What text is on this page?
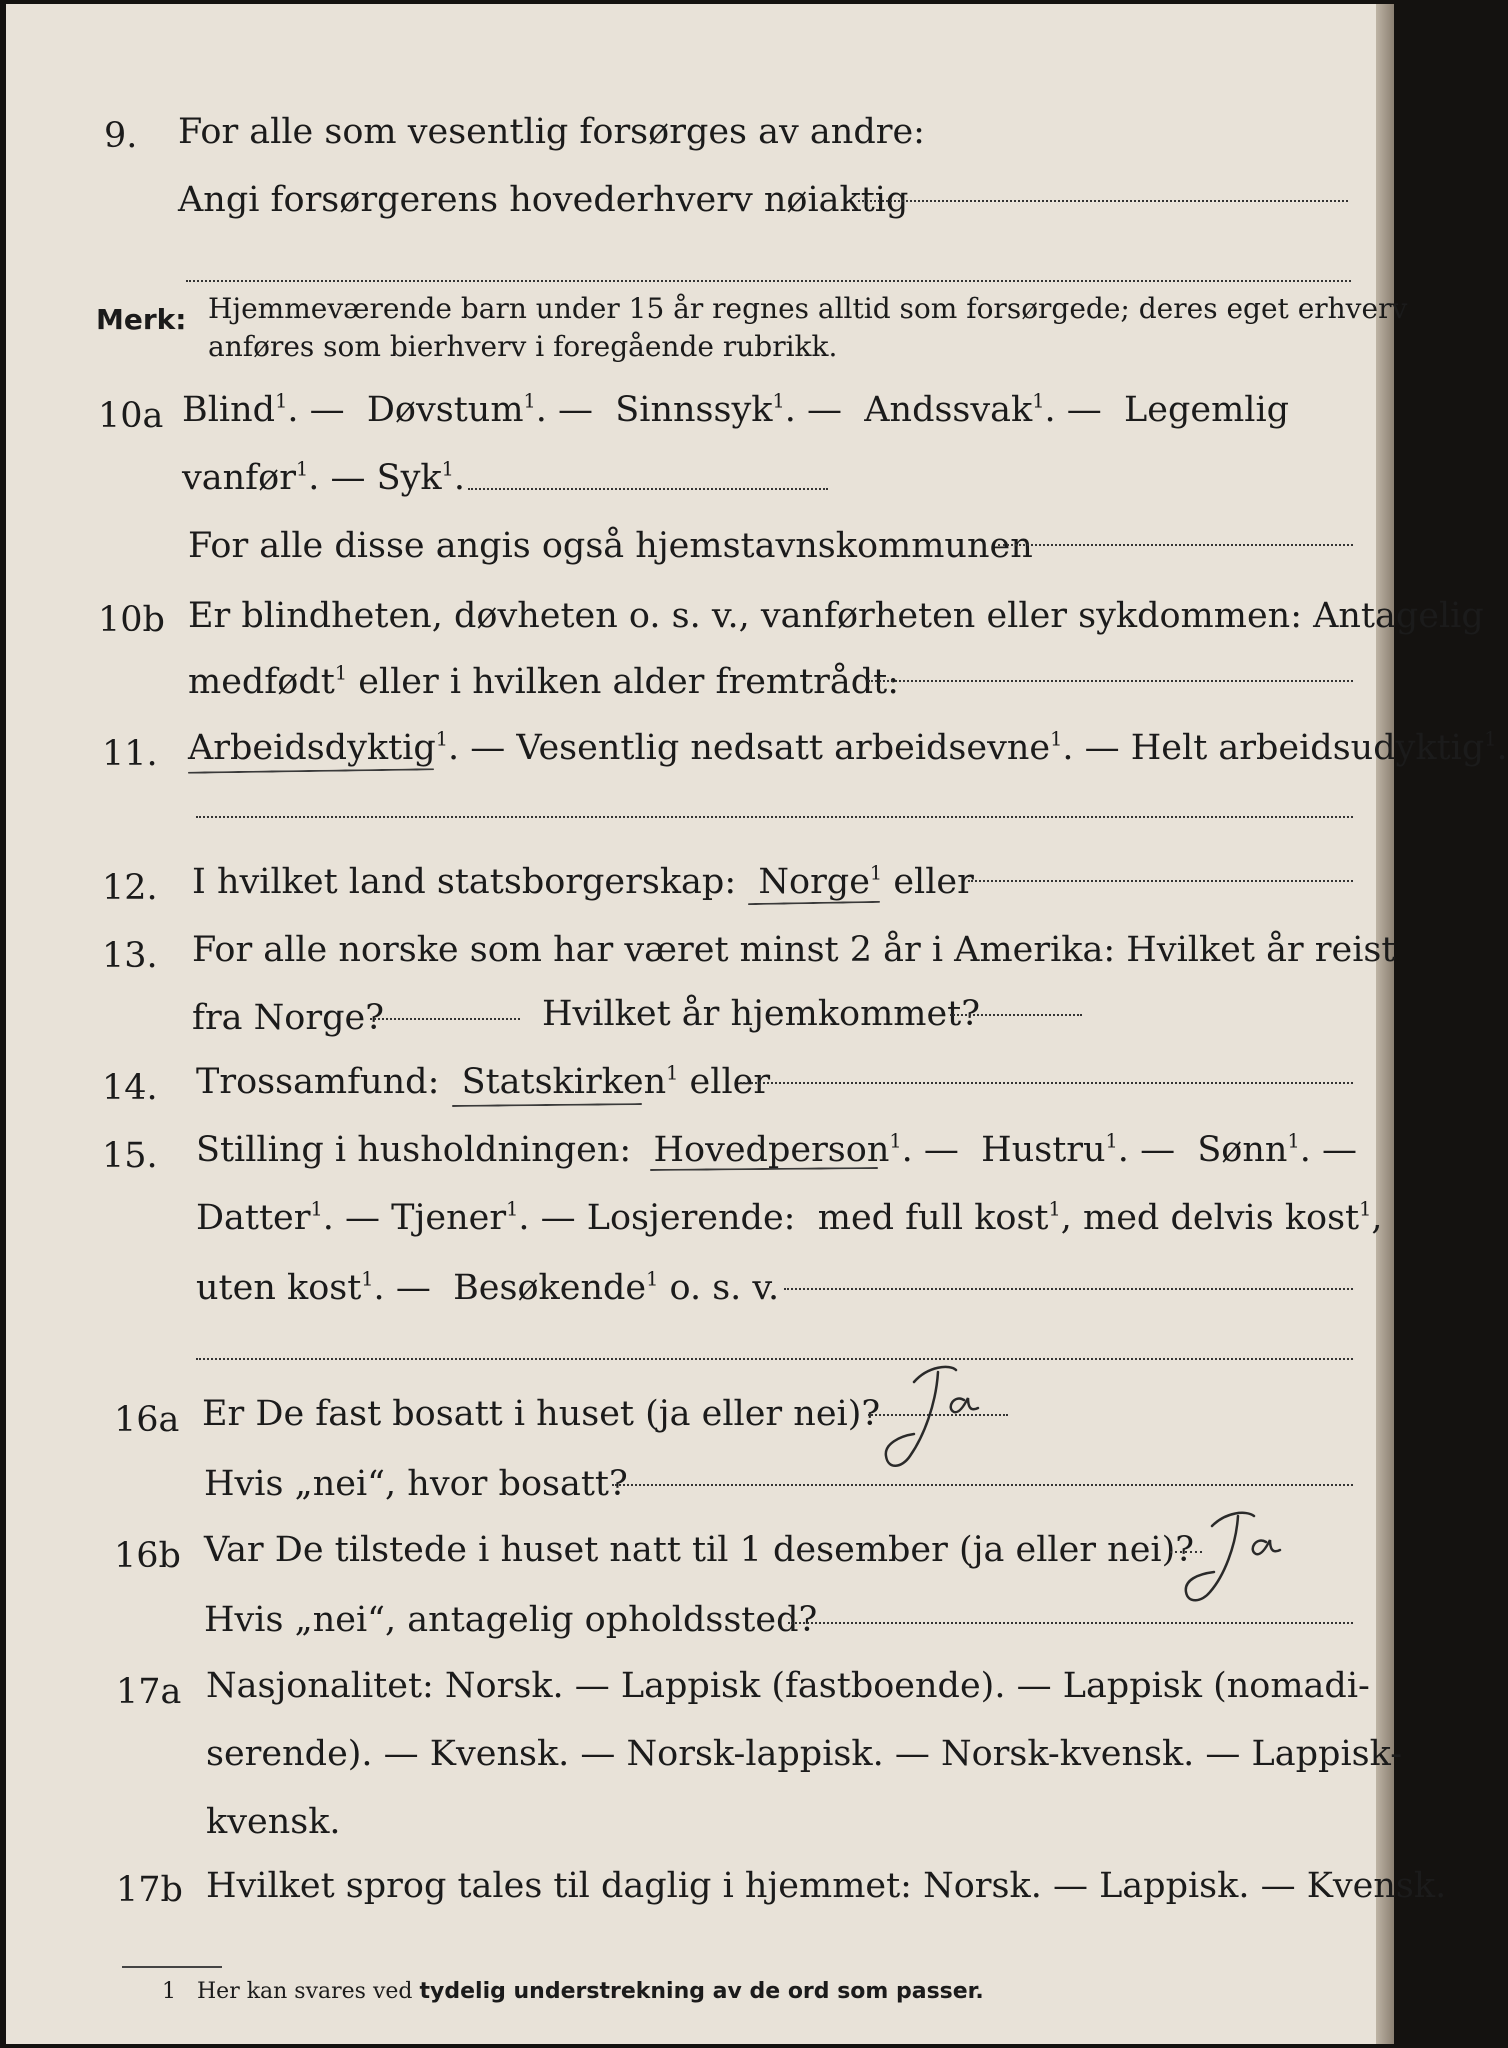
9. For alle som vesentlig forsørges av andre:
Angi forsørgerens hovederhverv nøiaktig
Merk: Hjemmeværende barn under 15 år regnes alltid som forsørgede; deres eget erhverv
anføres som bierhverv i foregående rubrikk.
10a Blind$^1$. — Døvstum$^1$. — Sinnssyk$^1$. — Andssvak$^1$. — Legemlig
vanfør$^1$. — Syk$^1$.
For alle disse angis også hjemstavnskommunen
10b Er blindheten, døvheten o. s. v., vanførheten eller sykdommen: Antagelig
medfødt$^1$ eller i hvilken alder fremtrådt:
11. Arbeidsdyktig$^1$. — Vesentlig nedsatt arbeidsevne$^1$. — Helt arbeidsudyktig$^1$.
12. I hvilket land statsborgerskap: Norge$^1$ eller
13. For alle norske som har været minst 2 år i Amerika: Hvilket år reist
fra Norge?	Hvilket år hjemkommet?
14. Trossamfund: Statskirken$^1$ eller
15. Stilling i husholdningen: Hovedperson$^1$. — Hustru$^1$. — Sønn$^1$. —
Datter$^1$. — Tjener$^1$. — Losjerende: med full kost$^1$, med delvis kost$^1$,
uten kost$^1$. — Besøkende$^1$ o. s. v.
16a Er De fast bosatt i huset (ja eller nei)?
Hvis „nei“, hvor bosatt?
16b Var De tilstede i huset natt til 1 desember (ja eller nei)?
Hvis „nei“, antagelig opholdssted?
17a Nasjonalitet: Norsk. — Lappisk (fastboende). — Lappisk (nomadi-
serende). — Kvensk. — Norsk-lappisk. — Norsk-kvensk. — Lappisk-
kvensk.
17b Hvilket sprog tales til daglig i hjemmet: Norsk. — Lappisk. — Kvensk.
1 Her kan svares ved tydelig understrekning av de ord som passer.
